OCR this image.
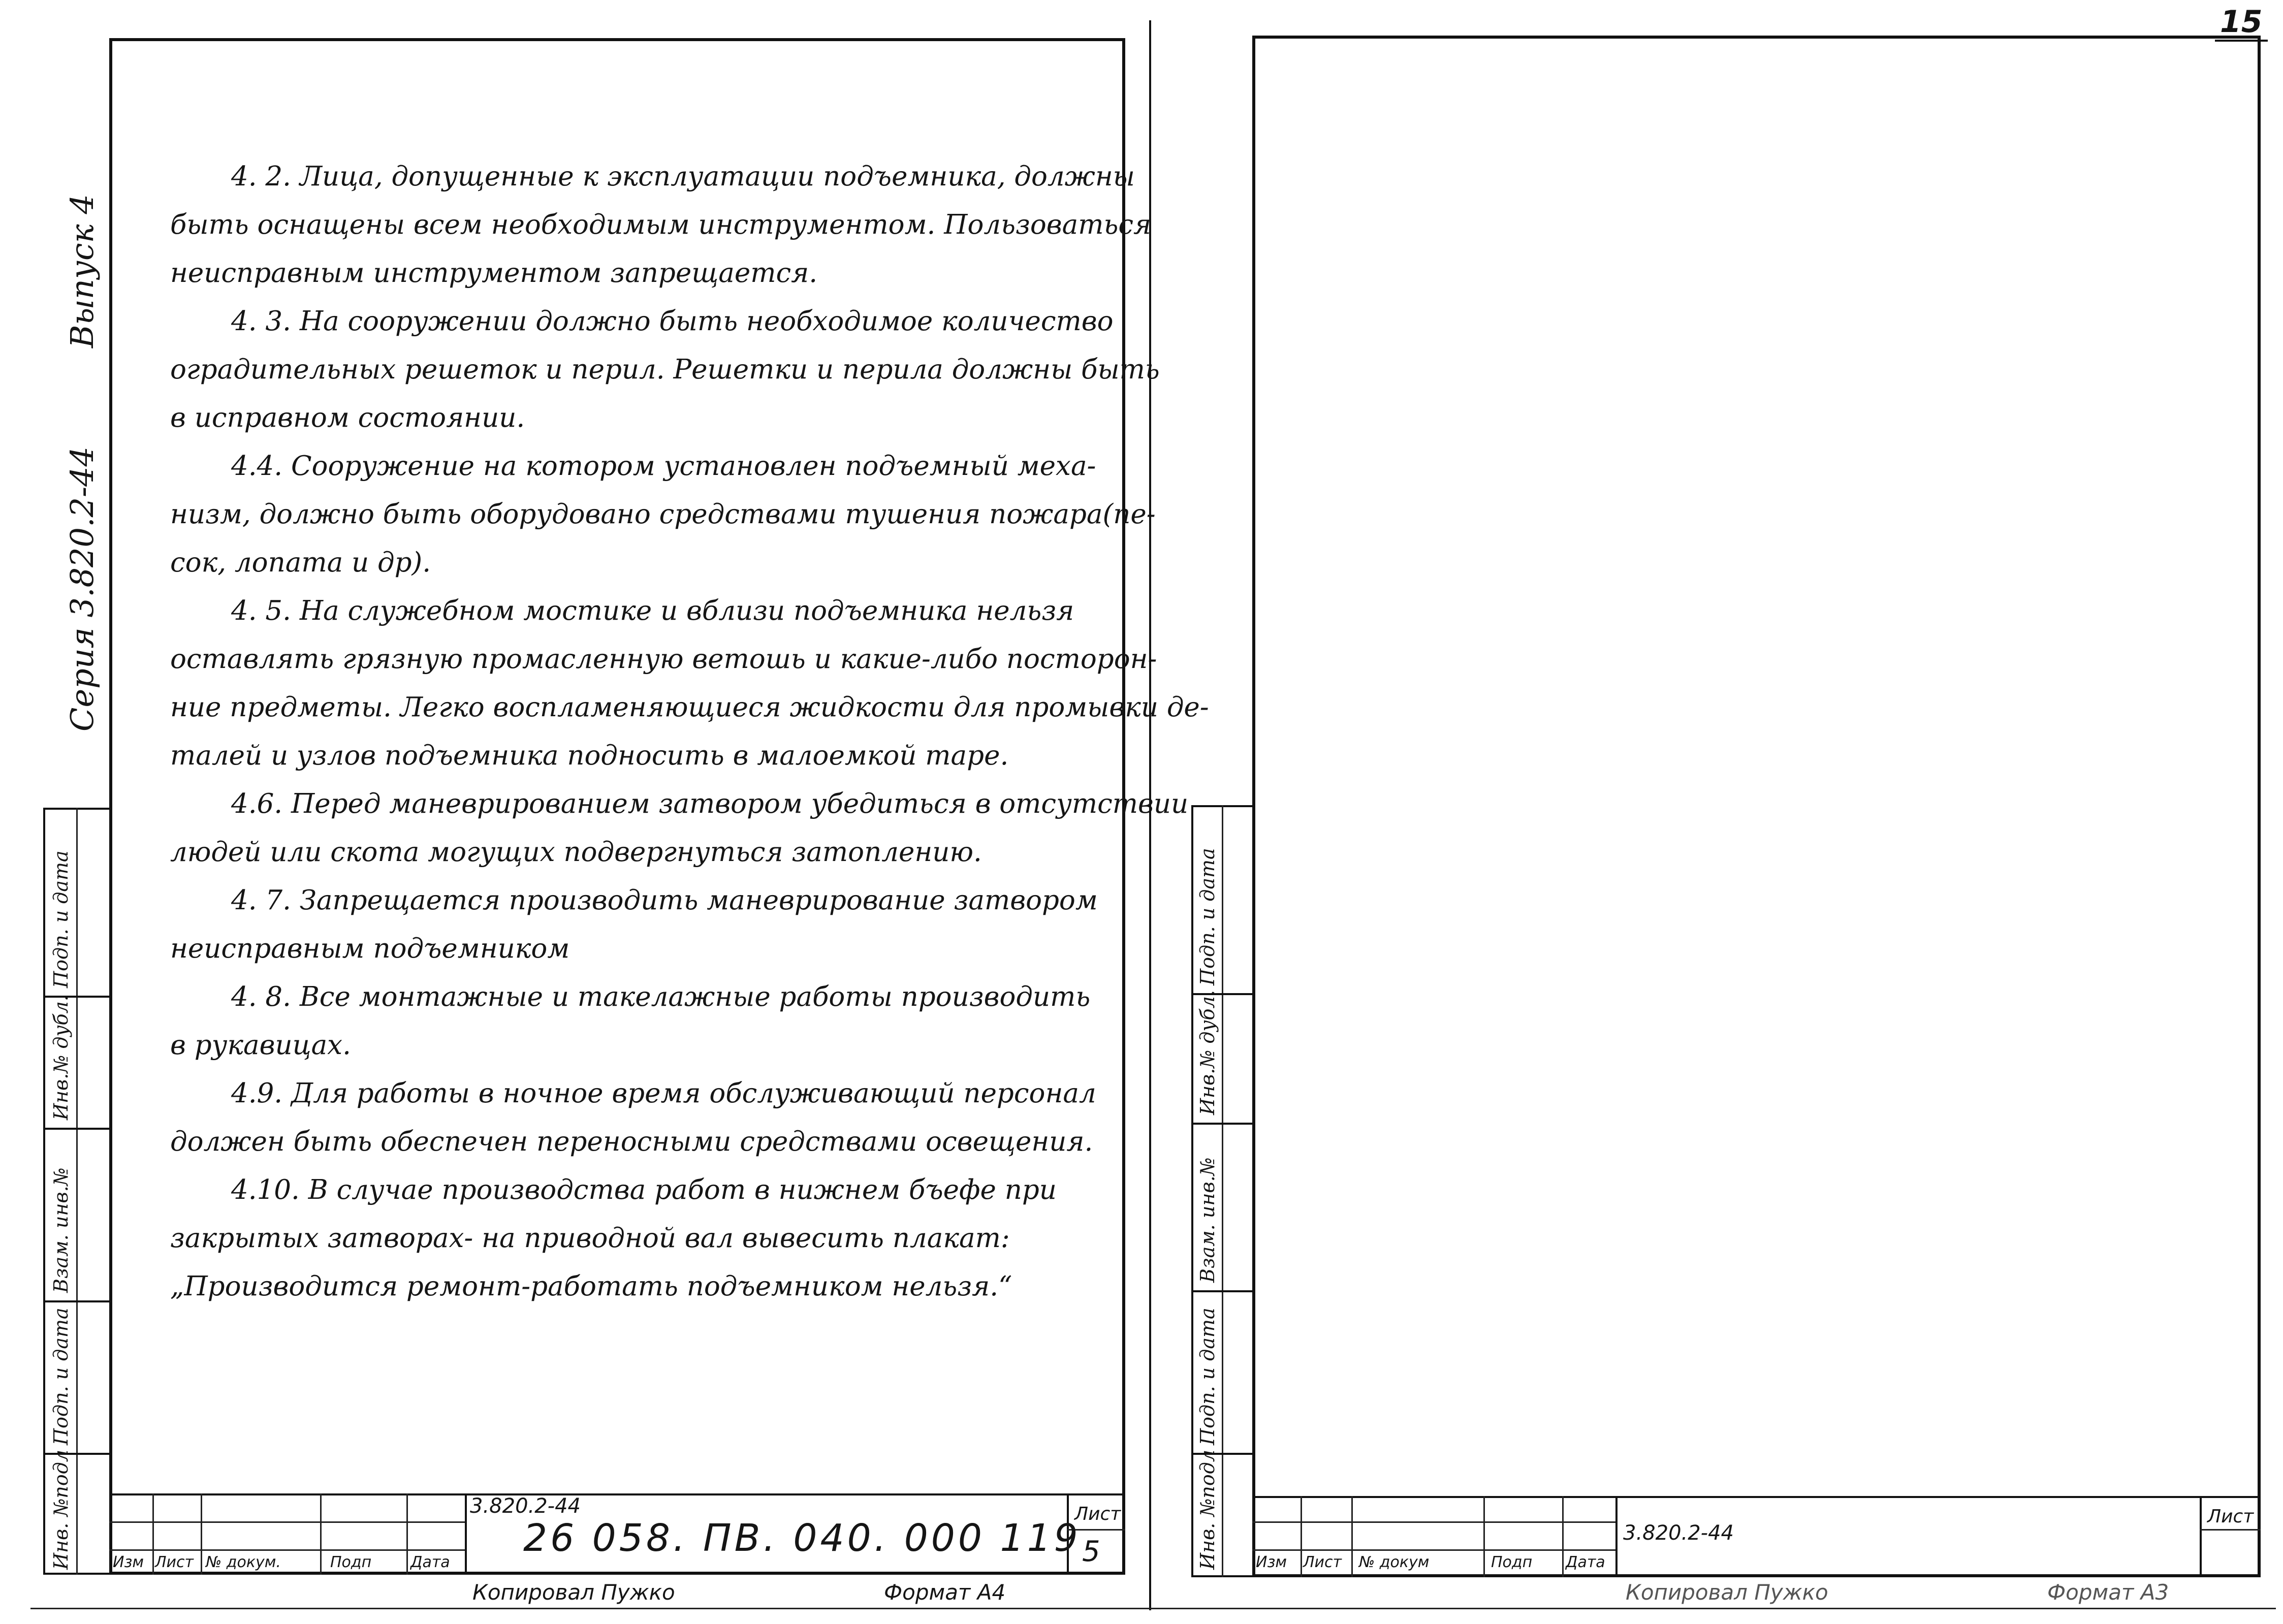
15
Выпуск 4
Серия 3.820.2-44
Подп. и дата
Инв.№ дубл.
Взам. инв.№
Подп. и дата
Инв. №подл
4. 2. Лица, допущенные к эксплуатации подъемника, должны
быть оснащены всем необходимым инструментом. Пользоваться
неисправным инструментом запрещается.
4. 3. На сооружении должно быть необходимое количество
оградительных решеток и перил. Решетки и перила должны быть
в исправном состоянии.
4.4. Сооружение на котором установлен подъемный меха-
низм, должно быть оборудовано средствами тушения пожара(пе-
сок, лопата и др).
4. 5. На служебном мостике и вблизи подъемника нельзя
оставлять грязную промасленную ветошь и какие-либо посторон-
ние предметы. Легко воспламеняющиеся жидкости для промывки де-
талей и узлов подъемника подносить в малоемкой таре.
4.6. Перед маневрированием затвором убедиться в отсутствии
людей или скота могущих подвергнуться затоплению.
4. 7. Запрещается производить маневрирование затвором
неисправным подъемником
4. 8. Все монтажные и такелажные работы производить
в рукавицах.
4.9. Для работы в ночное время обслуживающий персонал
должен быть обеспечен переносными средствами освещения.
4.10. В случае производства работ в нижнем бъефе при
закрытых затворах- на приводной вал вывесить плакат:
„Производится ремонт-работать подъемником нельзя.“
Изм Лист № докум.	Подп	Дата
3.820.2-44
26 058. ПВ. 040. 000 119
Лист
5
Копировал Пужко	Формат А4
Подп. и дата
Инв.№ дубл.
Взам. инв.№
Подп. и дата
Инв. №подл Изм Лист № докум	Подп Дата
3.820.2-44
Лист
Копировал Пужко	Формат А3
